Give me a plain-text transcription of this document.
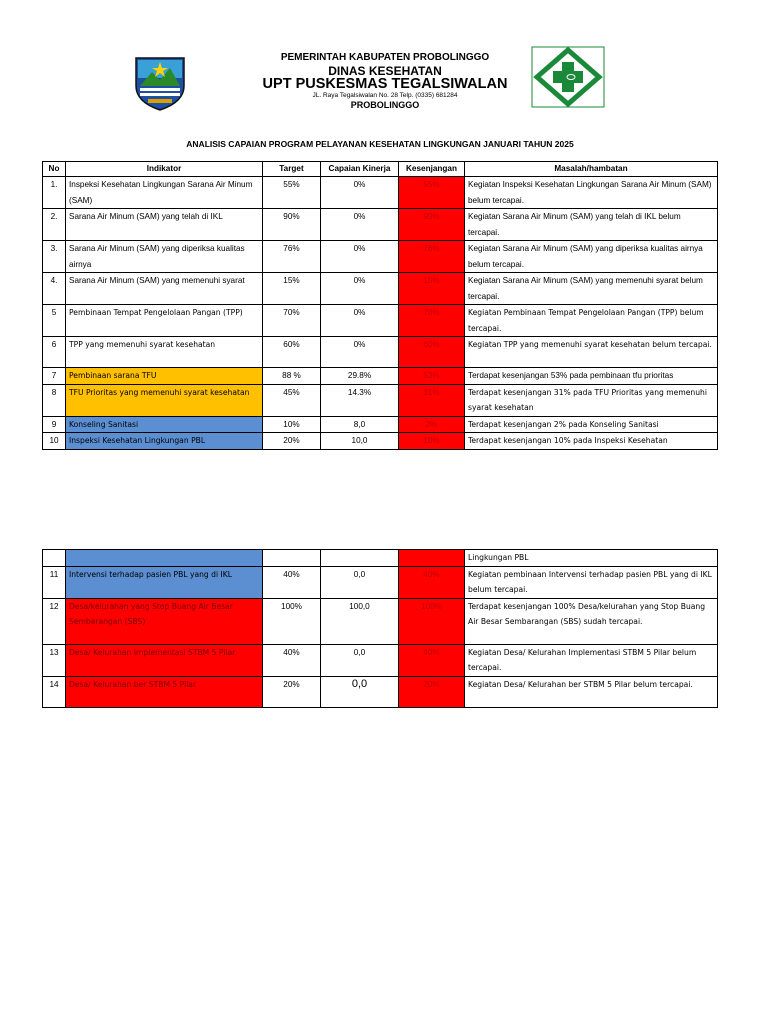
PEMERINTAH KABUPATEN PROBOLINGGO
DINAS KESEHATAN
UPT PUSKESMAS TEGALSIWALAN
JL. Raya Tegalsiwalan No. 28 Telp. (0335) 681284
PROBOLINGGO
ANALISIS CAPAIAN PROGRAM PELAYANAN KESEHATAN LINGKUNGAN JANUARI TAHUN 2025
No	Indikator	Target	Capaian Kinerja	Kesenjangan	Masalah/hambatan
1.	Inspeksi Kesehatan Lingkungan Sarana Air Minum (SAM)	55%	0%	55%	Kegiatan Inspeksi Kesehatan Lingkungan Sarana Air Minum (SAM) belum tercapai.
2.	Sarana Air Minum (SAM) yang telah di IKL	90%	0%	90%	Kegiatan Sarana Air Minum (SAM) yang telah di IKL belum tercapai.
3.	Sarana Air Minum (SAM) yang diperiksa kualitas airnya	76%	0%	76%	Kegiatan Sarana Air Minum (SAM) yang diperiksa kualitas airnya belum tercapai.
4.	Sarana Air Minum (SAM) yang memenuhi syarat	15%	0%	15%	Kegiatan Sarana Air Minum (SAM) yang memenuhi syarat belum tercapai.
5	Pembinaan Tempat Pengelolaan Pangan (TPP)	70%	0%	70%	Kegiatan Pembinaan Tempat Pengelolaan Pangan (TPP) belum tercapai.
6	TPP yang memenuhi syarat kesehatan	60%	0%	60%	Kegiatan TPP yang memenuhi syarat kesehatan belum tercapai.
7	Pembinaan sarana TFU	88 %	29.8%	53%	Terdapat kesenjangan 53% pada pembinaan tfu prioritas
8	TFU Prioritas yang memenuhi syarat kesehatan	45%	14.3%	31%	Terdapat kesenjangan 31% pada TFU Prioritas yang memenuhi syarat kesehatan
9	Konseling Sanitasi	10%	8,0	2%	Terdapat kesenjangan 2% pada Konseling Sanitasi
10	Inspeksi Kesehatan Lingkungan PBL	20%	10,0	10%	Terdapat kesenjangan 10% pada Inspeksi Kesehatan
					Lingkungan PBL
11	Intervensi terhadap pasien PBL yang di IKL	40%	0,0	40%	Kegiatan pembinaan Intervensi terhadap pasien PBL yang di IKL belum tercapai.
12	Desa/kelurahan yang Stop Buang Air Besar Sembarangan (SBS)	100%	100,0	100%	Terdapat kesenjangan 100% Desa/kelurahan yang Stop Buang Air Besar Sembarangan (SBS) sudah tercapai.
13	Desa/ Kelurahan Implementasi STBM 5 Pilar	40%	0,0	40%	Kegiatan Desa/ Kelurahan Implementasi STBM 5 Pilar belum tercapai.
14	Desa/ Kelurahan ber STBM 5 Pilar	20%	0,0	20%	Kegiatan Desa/ Kelurahan ber STBM 5 Pilar belum tercapai.
